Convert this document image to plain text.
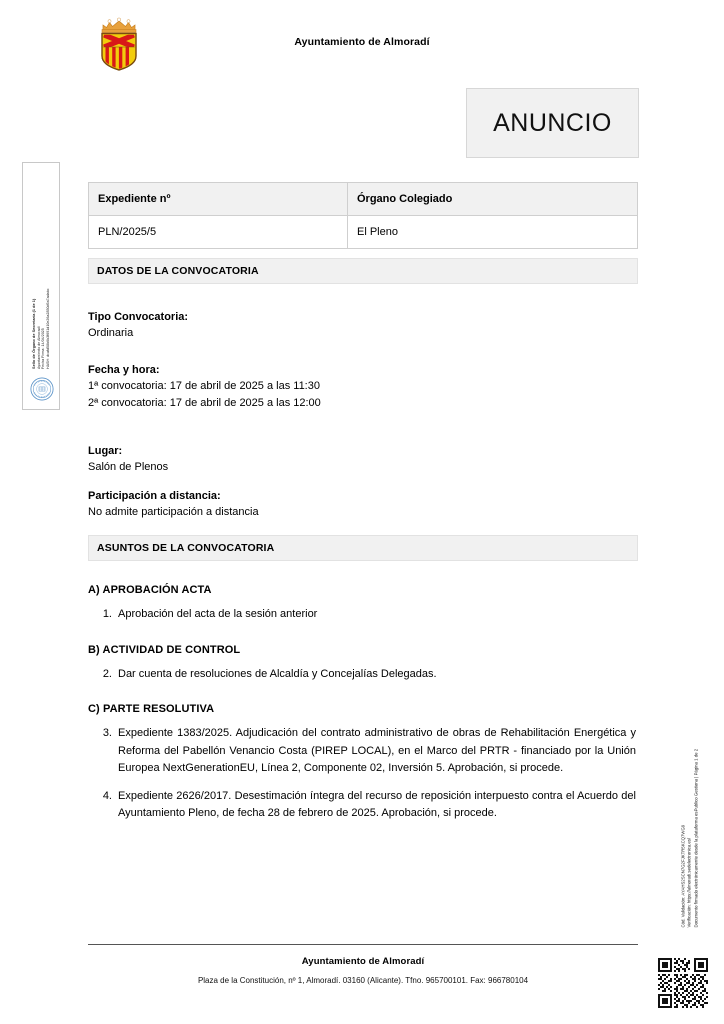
Sello de Órgano de Secretaría (1 de 1) Ayuntamiento de Almoradí Fecha Firma: 14/04/2025 HASH: dcafd58b6b3f691d10e26a2850d9a7adabc
Cód. Validación: AYAHS2SCN7G2FJKTR5KCQ7WG9 Verificación: https://almoradi.sedelectronica.es/ Documento firmado electrónicamente desde la plataforma esPublico Gestiona | Página 1 de 2
Ayuntamiento de Almoradí
ANUNCIO
Expediente nº	Órgano Colegiado
PLN/2025/5	El Pleno
DATOS DE LA CONVOCATORIA
Tipo Convocatoria:
Ordinaria
Fecha y hora:
1ª convocatoria: 17 de abril de 2025 a las 11:30
2ª convocatoria: 17 de abril de 2025 a las 12:00
Lugar:
Salón de Plenos
Participación a distancia:
No admite participación a distancia
ASUNTOS DE LA CONVOCATORIA

A) APROBACIÓN ACTA

1. Aprobación del acta de la sesión anterior

B) ACTIVIDAD DE CONTROL

2. Dar cuenta de resoluciones de Alcaldía y Concejalías Delegadas.

C) PARTE RESOLUTIVA

3. Expediente 1383/2025. Adjudicación del contrato administrativo de obras de Rehabilitación Energética y Reforma del Pabellón Venancio Costa (PIREP LOCAL), en el Marco del PRTR - financiado por la Unión Europea NextGenerationEU, Línea 2, Componente 02, Inversión 5. Aprobación, si procede.
4. Expediente 2626/2017. Desestimación íntegra del recurso de reposición interpuesto contra el Acuerdo del Ayuntamiento Pleno, de fecha 28 de febrero de 2025. Aprobación, si procede.
Ayuntamiento de Almoradí
Plaza de la Constitución, nº 1, Almoradí. 03160 (Alicante). Tfno. 965700101. Fax: 966780104
